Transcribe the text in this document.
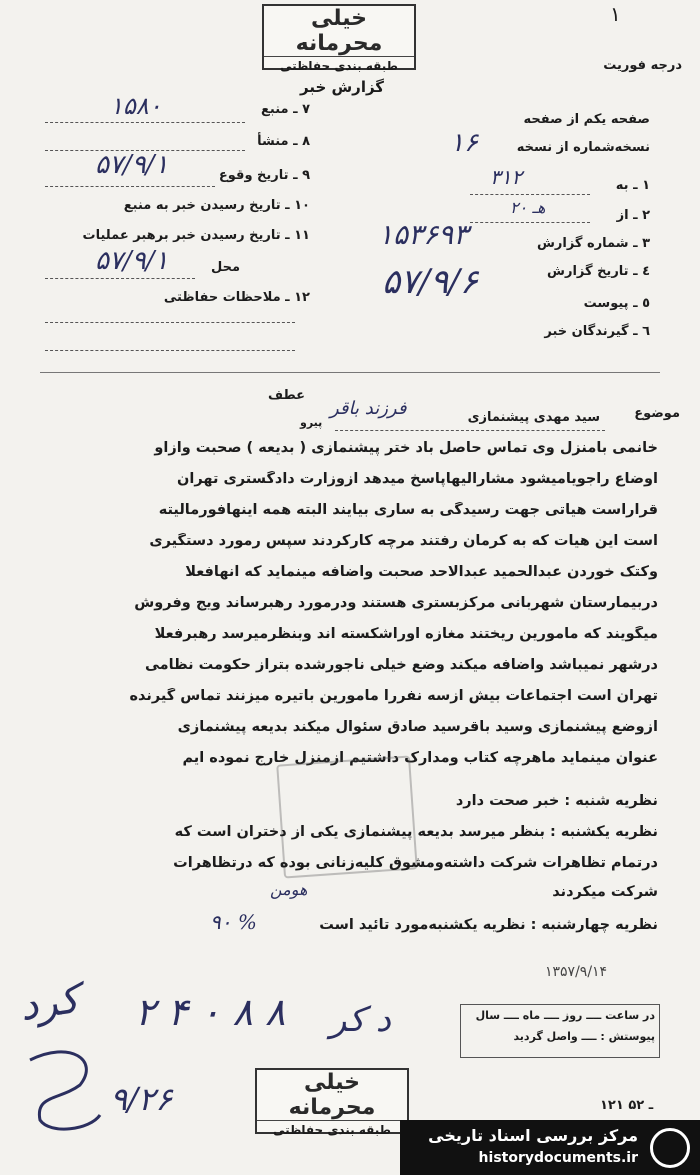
خیلی محرمانه
طبقه بندی حفاظتی
١
درجه فوریت
گزارش خبر
۷ ـ منبع
۱۵۸۰
۸ ـ منشأ
۹ ـ تاریخ وقوع
۵۷/۹/۱
۱۰ ـ تاریخ رسیدن خبر به منبع
۱۱ ـ تاریخ رسیدن خبر برهبر عملیات
محل
۵۷/۹/۱
۱۲ ـ ملاحظات حفاظتی
صفحه یکم از صفحه
نسخه‌شماره از نسخه
۱۶
۱ ـ به
۳۱۲
۲ ـ از
۲۰ هـ
۳ ـ شماره گزارش
۱۵۳۶۹۳
٤ ـ تاریخ گزارش
۵۷/۹/۶
٥ ـ پیوست
٦ ـ گیرندگان خبر
عطف
پیرو
موضوع
سید مهدی پیشنمازی
فرزند باقر
خانمی بامنزل وی تماس حاصل باد ختر پیشنمازی ( بدیعه ) صحبت وازاو
اوضاع راجویامیشود مشارالیهاپاسخ میدهد ازوزارت دادگستری تهران
قراراست هیاتی جهت رسیدگی به ساری بیایند البته همه اینهافورمالیته
است این هیات که به کرمان رفتند مرچه کارکردند سپس رمورد دستگیری
وکتک خوردن عبدالحمید عبدالاحد صحبت واضافه مینماید که آنهافعلا
دربیمارستان شهربانی مرکزبستری هستند ودرمورد رهبرساند ویج وفروش
میگویند که مامورین ریختند مغازه اوراشکسته اند وبنظرمیرسد رهبرفعلا
درشهر نمیباشد واضافه میکند وضع خیلی ناجورشده بتراز حکومت نظامی
تهران است اجتماعات بیش ازسه نفررا مامورین باتیره میزنند تماس گیرنده
ازوضع پیشنمازی وسید باقرسید صادق سئوال میکند بدیعه پیشنمازی
عنوان مینماید ماهرچه کتاب ومدارک داشتیم ازمنزل خارج نموده ایم
نظریه شنبه : خبر صحت دارد
نظریه یکشنبه : بنظر میرسد بدیعه پیشنمازی یکی از دختران است که
درتمام تظاهرات شرکت داشته‌ومشوق کلیه‌زنانی بوده که درتظاهرات
شرکت میکردند
هومن
نظریه چهارشنبه : نظریه یکشنبه‌مورد تائید است
۹۰ %
۱۳۵۷/۹/۱۴
در ساعت ــــ روز ــــ ماه ــــ سال
پیوستش : ــــ واصل گردید
کرد ۲ ۴ ۰ ۸ ۸ د کر
۹/۲۶	خیلی محرمانه
طبقه بندی حفاظتی
۱۲۱ ـ ۵۲
مرکز بررسی اسناد تاریخی
historydocuments.ir
